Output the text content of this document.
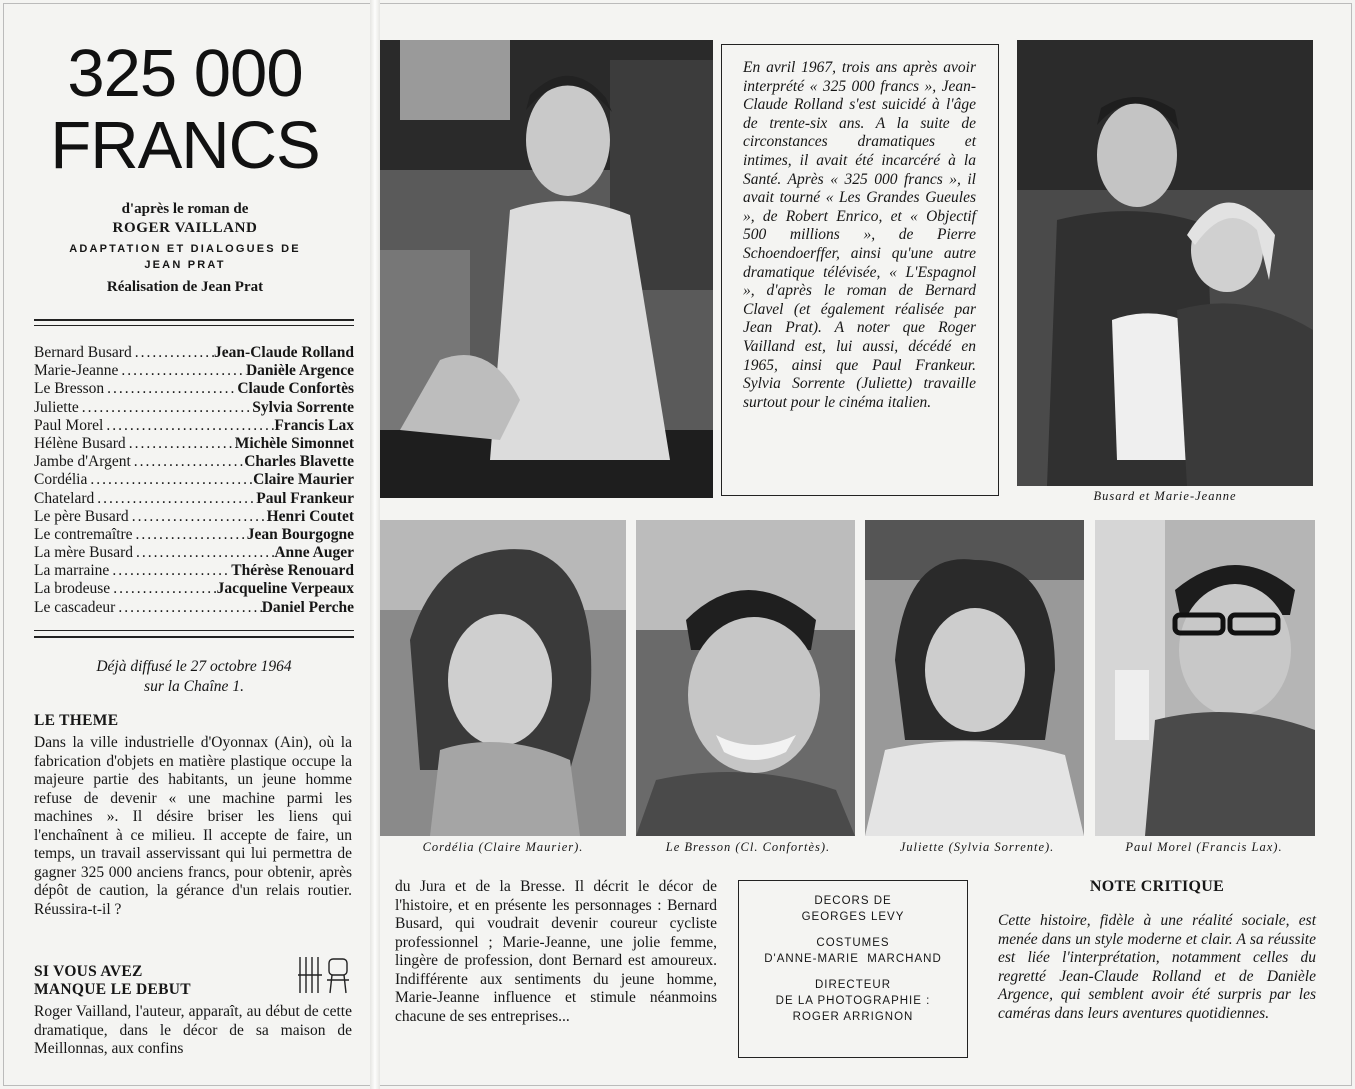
325 000
FRANCS
d'après le roman de
ROGER VAILLAND
ADAPTATION ET DIALOGUES DE
JEAN PRAT
Réalisation de Jean Prat
Bernard Busard .....	Jean-Claude Rolland
Marie-Jeanne .....	Danièle Argence
Le Bresson .....	Claude Confortès
Juliette .....	Sylvia Sorrente
Paul Morel .....	Francis Lax
Hélène Busard .....	Michèle Simonnet
Jambe d'Argent .....	Charles Blavette
Cordélia .....	Claire Maurier
Chatelard .....	Paul Frankeur
Le père Busard .....	Henri Coutet
Le contremaître .....	Jean Bourgogne
La mère Busard .....	Anne Auger
La marraine .....	Thérèse Renouard
La brodeuse .....	Jacqueline Verpeaux
Le cascadeur .....	Daniel Perche
Déjà diffusé le 27 octobre 1964
sur la Chaîne 1.
LE THEME
Dans la ville industrielle d'Oyonnax (Ain), où la fabrication d'objets en matière plastique occupe la majeure partie des habitants, un jeune homme refuse de devenir « une machine parmi les machines ». Il désire briser les liens qui l'enchaînent à ce milieu. Il accepte de faire, un temps, un travail asservissant qui lui permettra de gagner 325 000 anciens francs, pour obtenir, après dépôt de caution, la gérance d'un relais routier. Réussira-t-il ?
SI VOUS AVEZ
MANQUE LE DEBUT
Roger Vailland, l'auteur, apparaît, au début de cette dramatique, dans le décor de sa maison de Meillonnas, aux confins
En avril 1967, trois ans après avoir interprété « 325 000 francs », Jean-Claude Rolland s'est suicidé à l'âge de trente-six ans. A la suite de circonstances dramatiques et intimes, il avait été incarcéré à la Santé. Après « 325 000 francs », il avait tourné « Les Grandes Gueules », de Robert Enrico, et « Objectif 500 millions », de Pierre Schoendoerffer, ainsi qu'une autre dramatique télévisée, « L'Espagnol », d'après le roman de Bernard Clavel (et également réalisée par Jean Prat). A noter que Roger Vailland est, lui aussi, décédé en 1965, ainsi que Paul Frankeur. Sylvia Sorrente (Juliette) travaille surtout pour le cinéma italien.
Busard et Marie-Jeanne
Cordélia (Claire Maurier).	Le Bresson (Cl. Confortès).	Juliette (Sylvia Sorrente).	Paul Morel (Francis Lax).
du Jura et de la Bresse. Il décrit le décor de l'histoire, et en présente les personnages : Bernard Busard, qui voudrait devenir coureur cycliste professionnel ; Marie-Jeanne, une jolie femme, lingère de profession, dont Bernard est amoureux. Indifférente aux sentiments du jeune homme, Marie-Jeanne influence et stimule néanmoins chacune de ses entreprises...
DECORS DE
GEORGES LEVY
COSTUMES
D'ANNE-MARIE  MARCHAND
DIRECTEUR
DE LA PHOTOGRAPHIE :
ROGER ARRIGNON
NOTE CRITIQUE
Cette histoire, fidèle à une réalité sociale, est menée dans un style moderne et clair. A sa réussite est liée l'interprétation, notamment celles du regretté Jean-Claude Rolland et de Danièle Argence, qui semblent avoir été surpris par les caméras dans leurs aventures quotidiennes.
